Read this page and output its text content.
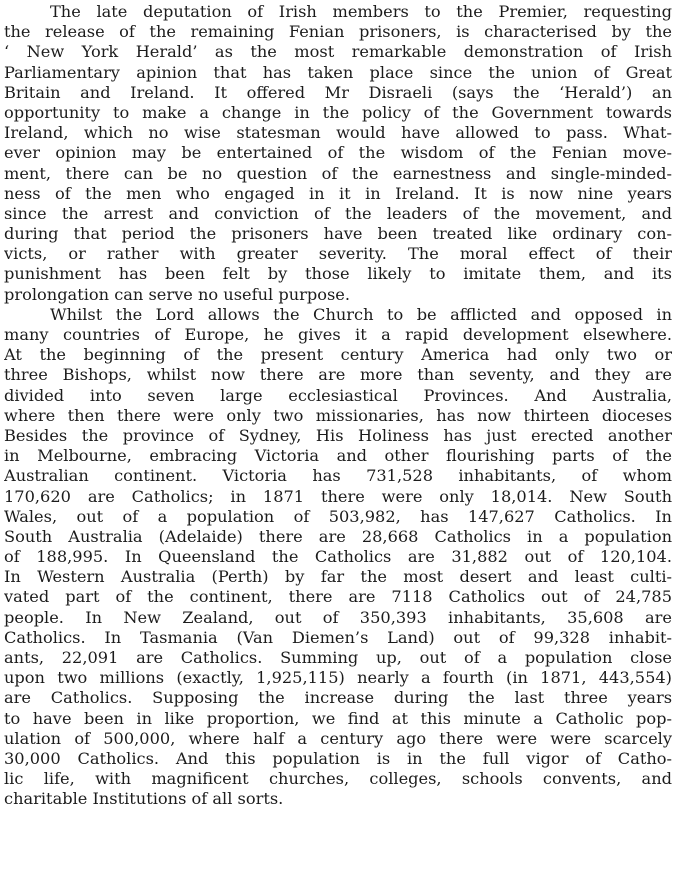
The late deputation of Irish members to the Premier, requesting
the release of the remaining Fenian prisoners, is characterised by the
‘ New York Herald’ as the most remarkable demonstration of Irish
Parliamentary apinion that has taken place since the union of Great
Britain and Ireland. It offered Mr Disraeli (says the ‘Herald’) an
opportunity to make a change in the policy of the Government towards
Ireland, which no wise statesman would have allowed to pass. What-
ever opinion may be entertained of the wisdom of the Fenian move-
ment, there can be no question of the earnestness and single-minded-
ness of the men who engaged in it in Ireland. It is now nine years
since the arrest and conviction of the leaders of the movement, and
during that period the prisoners have been treated like ordinary con-
victs, or rather with greater severity. The moral effect of their
punishment has been felt by those likely to imitate them, and its
prolongation can serve no useful purpose.
Whilst the Lord allows the Church to be afflicted and opposed in
many countries of Europe, he gives it a rapid development elsewhere.
At the beginning of the present century America had only two or
three Bishops, whilst now there are more than seventy, and they are
divided into seven large ecclesiastical Provinces. And Australia,
where then there were only two missionaries, has now thirteen dioceses
Besides the province of Sydney, His Holiness has just erected another
in Melbourne, embracing Victoria and other flourishing parts of the
Australian continent. Victoria has 731,528 inhabitants, of whom
170,620 are Catholics; in 1871 there were only 18,014. New South
Wales, out of a population of 503,982, has 147,627 Catholics. In
South Australia (Adelaide) there are 28,668 Catholics in a population
of 188,995. In Queensland the Catholics are 31,882 out of 120,104.
In Western Australia (Perth) by far the most desert and least culti-
vated part of the continent, there are 7118 Catholics out of 24,785
people. In New Zealand, out of 350,393 inhabitants, 35,608 are
Catholics. In Tasmania (Van Diemen’s Land) out of 99,328 inhabit-
ants, 22,091 are Catholics. Summing up, out of a population close
upon two millions (exactly, 1,925,115) nearly a fourth (in 1871, 443,554)
are Catholics. Supposing the increase during the last three years
to have been in like proportion, we find at this minute a Catholic pop-
ulation of 500,000, where half a century ago there were were scarcely
30,000 Catholics. And this population is in the full vigor of Catho-
lic life, with magnificent churches, colleges, schools convents, and
charitable Institutions of all sorts.
